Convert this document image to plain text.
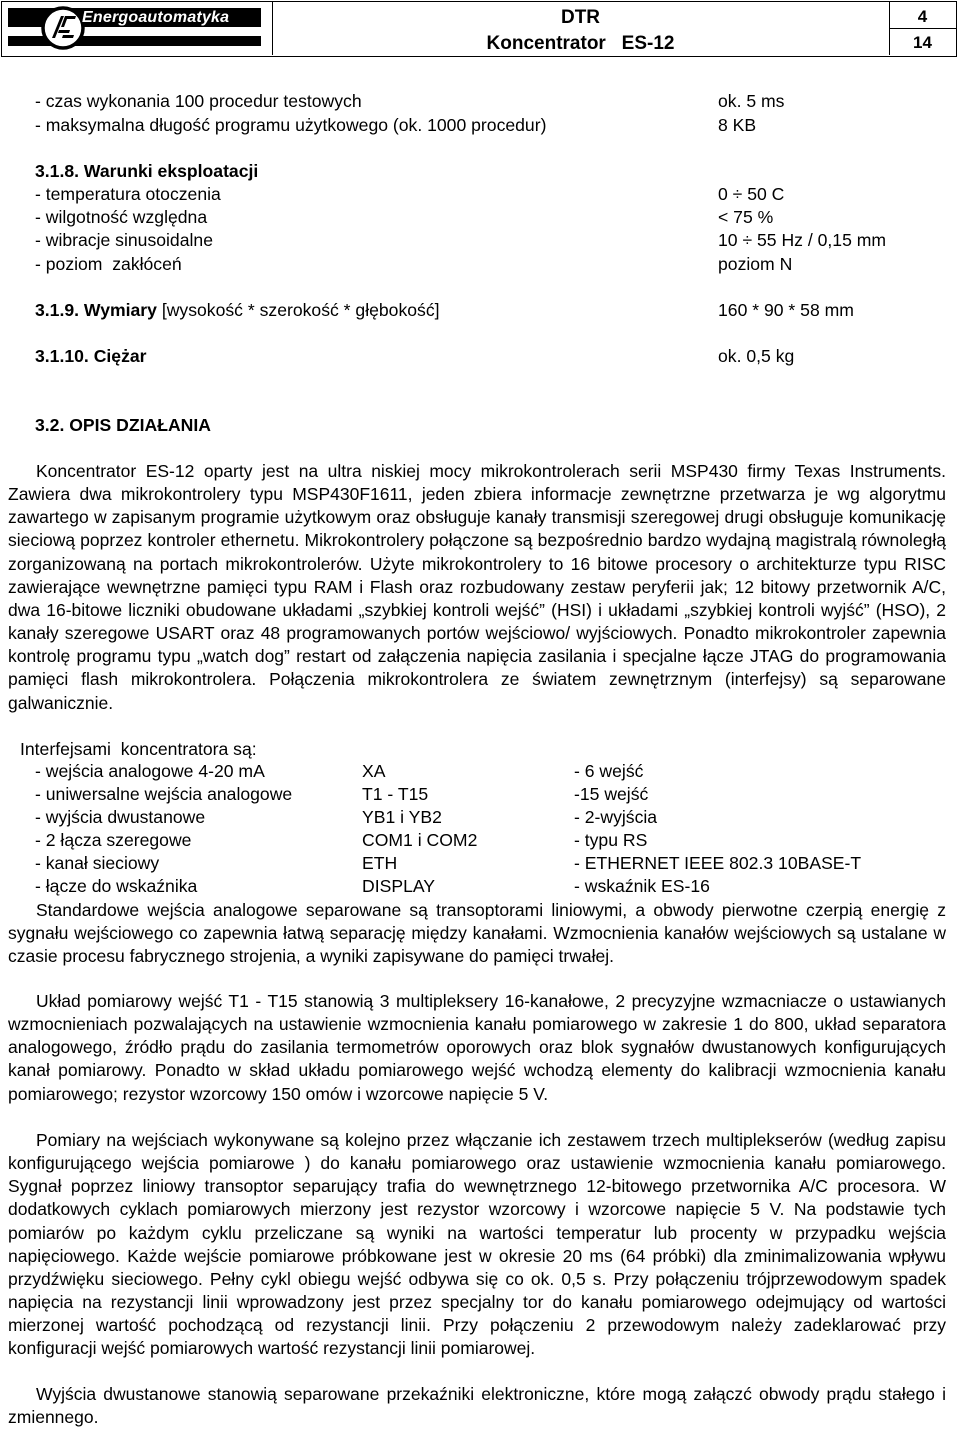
Energoautomatyka	DTR
Koncentrator   ES-12
4
14
- czas wykonania 100 procedur testowych	ok. 5 ms
- maksymalna długość programu użytkowego (ok. 1000 procedur)	8 KB
3.1.8. Warunki eksploatacji
- temperatura otoczenia	0 ÷ 50 C
- wilgotność względna	< 75 %
- wibracje sinusoidalne	10 ÷ 55 Hz / 0,15 mm
- poziom  zakłóceń	poziom N
3.1.9. Wymiary [wysokość * szerokość * głębokość]	160 * 90 * 58 mm
3.1.10. Ciężar	ok. 0,5 kg
3.2. OPIS DZIAŁANIA
Koncentrator ES-12 oparty jest na ultra niskiej mocy mikrokontrolerach serii MSP430 firmy Texas Instruments. Zawiera dwa mikrokontrolery typu MSP430F1611, jeden zbiera informacje zewnętrzne przetwarza je wg algorytmu zawartego w zapisanym programie użytkowym oraz obsługuje kanały transmisji szeregowej drugi obsługuje komunikację sieciową poprzez kontroler ethernetu. Mikrokontrolery połączone są bezpośrednio bardzo wydajną magistralą równoległą zorganizowaną na portach mikrokontrolerów. Użyte mikrokontrolery to 16 bitowe procesory o architekturze typu RISC zawierające wewnętrzne pamięci typu RAM i Flash oraz rozbudowany zestaw peryferii jak; 12 bitowy przetwornik A/C, dwa 16-bitowe liczniki obudowane układami „szybkiej kontroli wejść” (HSI) i układami „szybkiej kontroli wyjść” (HSO), 2 kanały szeregowe USART oraz 48 programowanych portów wejściowo/ wyjściowych. Ponadto mikrokontroler zapewnia kontrolę programu typu „watch dog” restart od załączenia napięcia zasilania i specjalne łącze JTAG do programowania pamięci flash mikrokontrolera. Połączenia mikrokontrolera ze światem zewnętrznym (interfejsy) są separowane galwanicznie.
Interfejsami  koncentratora są:
- wejścia analogowe 4-20 mA	XA	- 6 wejść
- uniwersalne wejścia analogowe	T1 - T15	-15 wejść
- wyjścia dwustanowe	YB1 i YB2	- 2-wyjścia
- 2 łącza szeregowe	COM1 i COM2	- typu RS
- kanał sieciowy	ETH	- ETHERNET IEEE 802.3 10BASE-T
- łącze do wskaźnika	DISPLAY	- wskaźnik ES-16
Standardowe wejścia analogowe separowane są transoptorami liniowymi, a obwody pierwotne czerpią energię z sygnału wejściowego co zapewnia łatwą separację między kanałami. Wzmocnienia kanałów wejściowych są ustalane w czasie procesu fabrycznego strojenia, a wyniki zapisywane do pamięci trwałej.
Układ pomiarowy wejść T1 - T15 stanowią 3 multipleksery 16-kanałowe, 2 precyzyjne wzmacniacze o ustawianych wzmocnieniach pozwalających na ustawienie wzmocnienia kanału pomiarowego w zakresie 1 do 800, układ separatora analogowego, źródło prądu do zasilania termometrów oporowych oraz blok sygnałów dwustanowych konfigurujących kanał pomiarowy. Ponadto w skład układu pomiarowego wejść wchodzą elementy do kalibracji wzmocnienia kanału pomiarowego; rezystor wzorcowy 150 omów i wzorcowe napięcie 5 V.
Pomiary na wejściach wykonywane są kolejno przez włączanie ich zestawem trzech multiplekserów (według zapisu konfigurującego wejścia pomiarowe ) do kanału pomiarowego oraz ustawienie wzmocnienia kanału pomiarowego. Sygnał poprzez liniowy transoptor separujący trafia do wewnętrznego 12-bitowego przetwornika A/C procesora. W dodatkowych cyklach pomiarowych mierzony jest rezystor wzorcowy i wzorcowe napięcie 5 V. Na podstawie tych pomiarów po każdym cyklu przeliczane są wyniki na wartości temperatur lub procenty w przypadku wejścia napięciowego. Każde wejście pomiarowe próbkowane jest w okresie 20 ms (64 próbki) dla zminimalizowania wpływu przydźwięku sieciowego. Pełny cykl obiegu wejść odbywa się co ok. 0,5 s. Przy połączeniu trójprzewodowym spadek napięcia na rezystancji linii wprowadzony jest przez specjalny tor do kanału pomiarowego odejmujący od wartości mierzonej wartość pochodzącą od rezystancji linii. Przy połączeniu 2 przewodowym należy zadeklarować przy konfiguracji wejść pomiarowych wartość rezystancji linii pomiarowej.
Wyjścia dwustanowe stanowią separowane przekaźniki elektroniczne, które mogą załączć obwody prądu stałego i zmiennego.
